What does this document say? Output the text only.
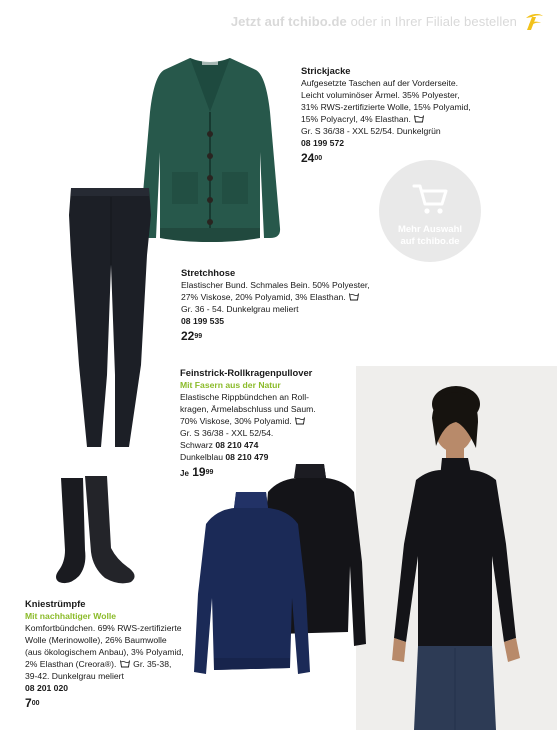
Jetzt auf tchibo.de oder in Ihrer Filiale bestellen
Strickjacke
Aufgesetzte Taschen auf der Vorderseite.
Leicht voluminöser Ärmel. 35% Polyester,
31% RWS-zertifizierte Wolle, 15% Polyamid,
15% Polyacryl, 4% Elasthan.
Gr. S 36/38 - XXL 52/54. Dunkelgrün
08 199 572
$24^{00}$
Mehr Auswahl
auf tchibo.de
Stretchhose
Elastischer Bund. Schmales Bein. 50% Polyester,
27% Viskose, 20% Polyamid, 3% Elasthan.
Gr. 36 - 54. Dunkelgrau meliert
08 199 535
$22^{99}$
Feinstrick-Rollkragenpullover
Mit Fasern aus der Natur
Elastische Rippbündchen an Roll-
kragen, Ärmelabschluss und Saum.
70% Viskose, 30% Polyamid.
Gr. S 36/38 - XXL 52/54.
Schwarz 08 210 474
Dunkelblau 08 210 479
Je $19^{99}$
Kniestrümpfe
Mit nachhaltiger Wolle
Komfortbündchen. 69% RWS-zertifizierte
Wolle (Merinowolle), 26% Baumwolle
(aus ökologischem Anbau), 3% Polyamid,
2% Elasthan (Creora®). Gr. 35-38,
39-42. Dunkelgrau meliert
08 201 020
$7^{00}$
